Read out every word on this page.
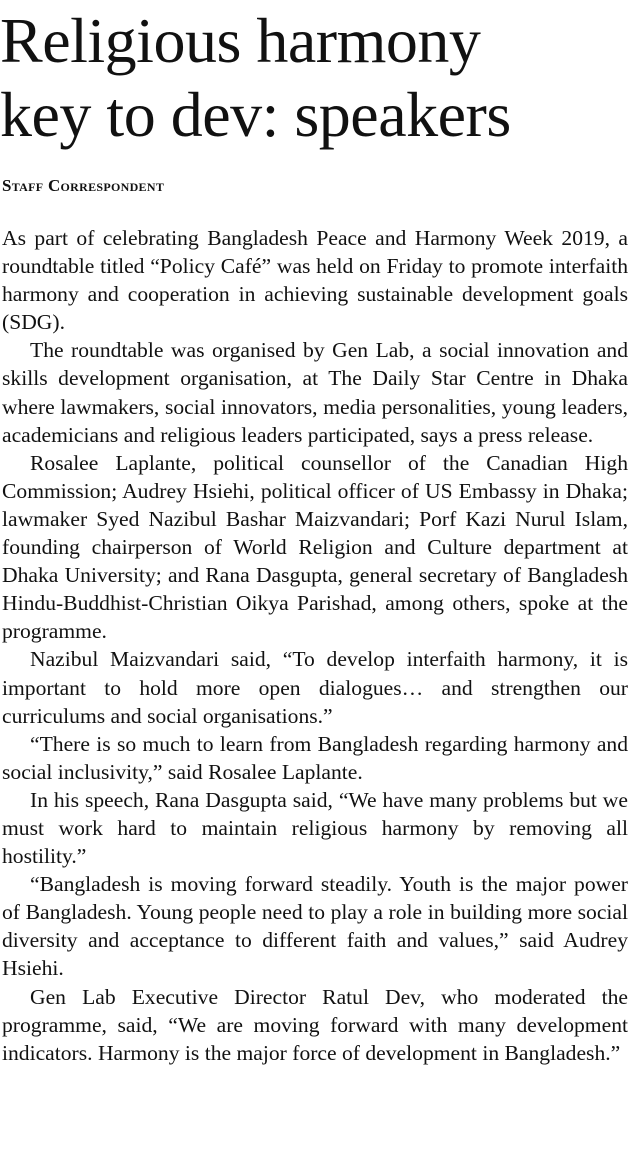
Religious harmony
key to dev: speakers
Staff Correspondent

As part of celebrating Bangladesh Peace and Harmony Week 2019, a roundtable titled “Policy Café” was held on Friday to promote interfaith harmony and cooperation in achieving sustainable development goals (SDG).

The roundtable was organised by Gen Lab, a social innovation and skills development organisation, at The Daily Star Centre in Dhaka where lawmakers, social innovators, media personalities, young leaders, academicians and religious leaders participated, says a press release.

Rosalee Laplante, political counsellor of the Canadian High Commission; Audrey Hsiehi, political officer of US Embassy in Dhaka; lawmaker Syed Nazibul Bashar Maizvandari; Porf Kazi Nurul Islam, founding chairperson of World Religion and Culture department at Dhaka University; and Rana Dasgupta, general secretary of Bangladesh Hindu-Buddhist-Christian Oikya Parishad, among others, spoke at the programme.

Nazibul Maizvandari said, “To develop interfaith harmony, it is important to hold more open dialogues… and strengthen our curriculums and social organisations.”

“There is so much to learn from Bangladesh regarding harmony and social inclusivity,” said Rosalee Laplante.

In his speech, Rana Dasgupta said, “We have many problems but we must work hard to maintain religious harmony by removing all hostility.”

“Bangladesh is moving forward steadily. Youth is the major power of Bangladesh. Young people need to play a role in building more social diversity and acceptance to different faith and values,” said Audrey Hsiehi.

Gen Lab Executive Director Ratul Dev, who moderated the programme, said, “We are moving forward with many development indicators. Harmony is the major force of development in Bangladesh.”
